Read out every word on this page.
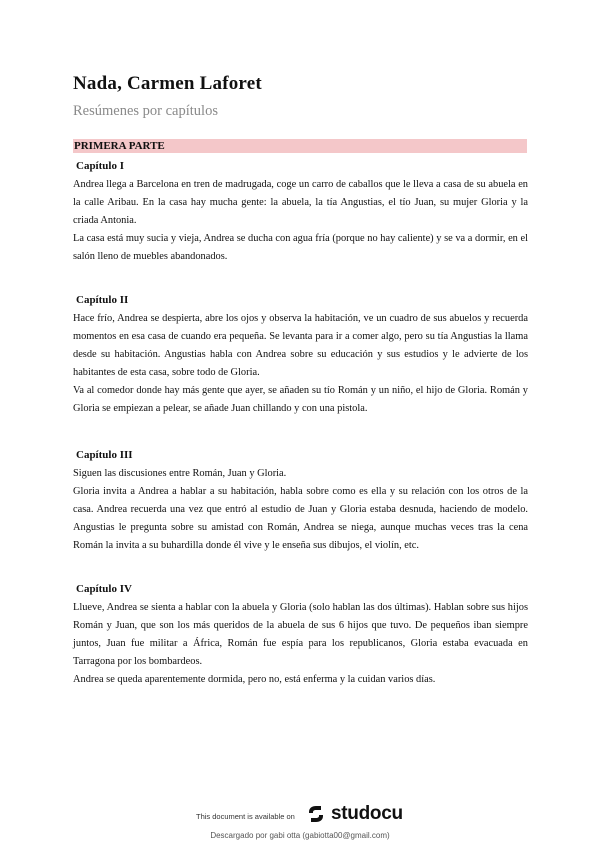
Nada, Carmen Laforet
Resúmenes por capítulos
PRIMERA PARTE
Capítulo I

Andrea llega a Barcelona en tren de madrugada, coge un carro de caballos que le lleva a casa de su abuela en la calle Aribau. En la casa hay mucha gente: la abuela, la tía Angustias, el tío Juan, su mujer Gloria y la criada Antonia.

La casa está muy sucia y vieja, Andrea se ducha con agua fría (porque no hay caliente) y se va a dormir, en el salón lleno de muebles abandonados.

Capítulo II

Hace frío, Andrea se despierta, abre los ojos y observa la habitación, ve un cuadro de sus abuelos y recuerda momentos en esa casa de cuando era pequeña. Se levanta para ir a comer algo, pero su tía Angustias la llama desde su habitación. Angustias habla con Andrea sobre su educación y sus estudios y le advierte de los habitantes de esta casa, sobre todo de Gloria.

Va al comedor donde hay más gente que ayer, se añaden su tío Román y un niño, el hijo de Gloria. Román y Gloria se empiezan a pelear, se añade Juan chillando y con una pistola.

Capítulo III

Siguen las discusiones entre Román, Juan y Gloria.

Gloria invita a Andrea a hablar a su habitación, habla sobre como es ella y su relación con los otros de la casa. Andrea recuerda una vez que entró al estudio de Juan y Gloria estaba desnuda, haciendo de modelo. Angustias le pregunta sobre su amistad con Román, Andrea se niega, aunque muchas veces tras la cena Román la invita a su buhardilla donde él vive y le enseña sus dibujos, el violín, etc.

Capítulo IV

Llueve, Andrea se sienta a hablar con la abuela y Gloria (solo hablan las dos últimas). Hablan sobre sus hijos Román y Juan, que son los más queridos de la abuela de sus 6 hijos que tuvo. De pequeños iban siempre juntos, Juan fue militar a África, Román fue espía para los republicanos, Gloria estaba evacuada en Tarragona por los bombardeos.

Andrea se queda aparentemente dormida, pero no, está enferma y la cuidan varios días.

This document is available on studocu
Descargado por gabi otta (gabiotta00@gmail.com)
